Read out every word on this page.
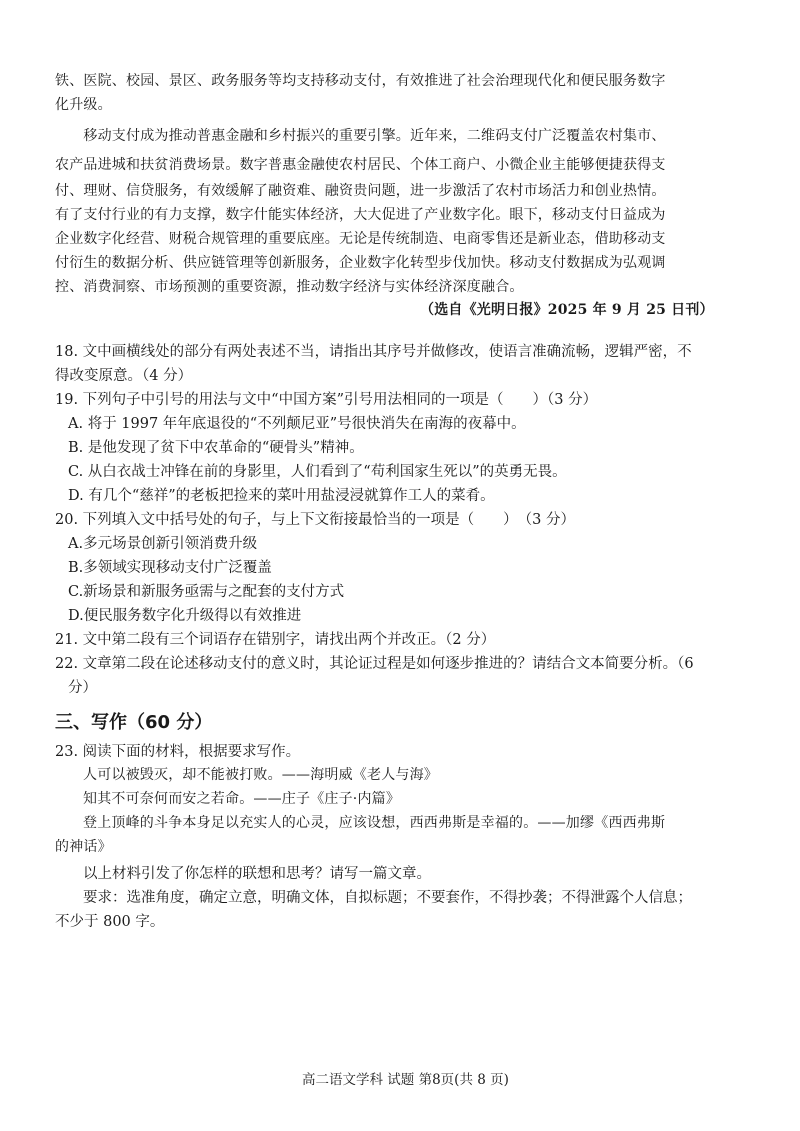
铁、医院、校园、景区、政务服务等均支持移动支付，有效推进了社会治理现代化和便民服务数字
化升级。
　　移动支付成为推动普惠金融和乡村振兴的重要引擎。近年来，二维码支付广泛覆盖农村集市、
农产品进城和扶贫消费场景。数字普惠金融使农村居民、个体工商户、小微企业主能够便捷获得支
付、理财、信贷服务，有效缓解了融资难、融资贵问题，进一步激活了农村市场活力和创业热情。
有了支付行业的有力支撑，数字什能实体经济，大大促进了产业数字化。眼下，移动支付日益成为
企业数字化经营、财税合规管理的重要底座。无论是传统制造、电商零售还是新业态，借助移动支
付衍生的数据分析、供应链管理等创新服务，企业数字化转型步伐加快。移动支付数据成为弘观调
控、消费洞察、市场预测的重要资源，推动数字经济与实体经济深度融合。
（选自《光明日报》2025 年 9 月 25 日刊）
18. 文中画横线处的部分有两处表述不当，请指出其序号并做修改，使语言准确流畅，逻辑严密，不
得改变原意。（4 分）
19. 下列句子中引号的用法与文中“中国方案”引号用法相同的一项是（　　）（3 分）
A. 将于 1997 年年底退役的“不列颠尼亚”号很快消失在南海的夜幕中。
B. 是他发现了贫下中农革命的“硬骨头”精神。
C. 从白衣战士冲锋在前的身影里，人们看到了“苟利国家生死以”的英勇无畏。
D. 有几个“慈祥”的老板把捡来的菜叶用盐浸浸就算作工人的菜肴。
20. 下列填入文中括号处的句子，与上下文衔接最恰当的一项是（　　）　（3 分）
A.多元场景创新引领消费升级
B.多领域实现移动支付广泛覆盖
C.新场景和新服务亟需与之配套的支付方式
D.便民服务数字化升级得以有效推进
21. 文中第二段有三个词语存在错别字，请找出两个并改正。（2 分）
22. 文章第二段在论述移动支付的意义时，其论证过程是如何逐步推进的？请结合文本简要分析。（6
分）
三、写作（60 分）
23. 阅读下面的材料，根据要求写作。
人可以被毁灭，却不能被打败。——海明威《老人与海》
知其不可奈何而安之若命。——庄子《庄子·内篇》
登上顶峰的斗争本身足以充实人的心灵，应该设想，西西弗斯是幸福的。——加缪《西西弗斯
的神话》
以上材料引发了你怎样的联想和思考？请写一篇文章。
要求：选准角度，确定立意，明确文体，自拟标题；不要套作，不得抄袭；不得泄露个人信息；
不少于 800 字。
高二语文学科 试题 第8页(共 8 页)
